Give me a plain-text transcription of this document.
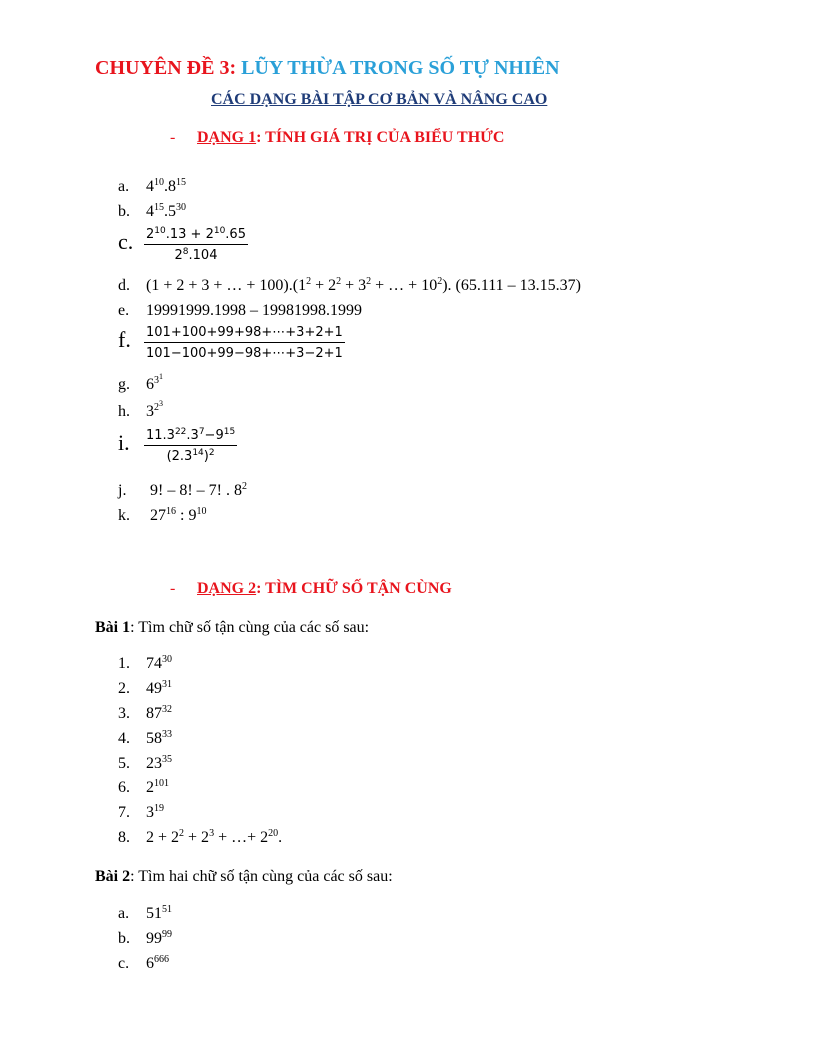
CHUYÊN ĐỀ 3: LŨY THỪA TRONG SỐ TỰ NHIÊN
CÁC DẠNG BÀI TẬP CƠ BẢN VÀ NÂNG CAO
- DẠNG 1: TÍNH GIÁ TRỊ CỦA BIỂU THỨC
a. $4^{10}.8^{15}$
b. $4^{15}.5^{30}$
c. $\frac{2^{10}.13 + 2^{10}.65}{2^8.104}$
d. (1 + 2 + 3 + … + $100).(1^2 + 2^2 + 3^2$ + … + $10^2$). (65.111 – 13.15.37)
e. 19991999.1998 – 19981998.1999
f. $\frac{101+100+99+98+\cdots+3+2+1}{101-100+99-98+\cdots+3-2+1}$
g. $6^{3^1}$
h. $3^{2^3}$
i. $\frac{11.3^{22}.3^7-9^{15}}{(2.3^{14})^2}$
j. 9! – 8! – 7! . $8^2$
k. $27^{16}$ : $9^{10}$
- DẠNG 2: TÌM CHỮ SỐ TẬN CÙNG
Bài 1: Tìm chữ số tận cùng của các số sau:
1. $74^{30}$
2. $49^{31}$
3. $87^{32}$
4. $58^{33}$
5. $23^{35}$
6. $2^{101}$
7. $3^{19}$
8. $2 + 2^2 + 2^3$ + …+ $2^{20}$.
Bài 2: Tìm hai chữ số tận cùng của các số sau:
a. $51^{51}$
b. $99^{99}$
c. $6^{666}$
